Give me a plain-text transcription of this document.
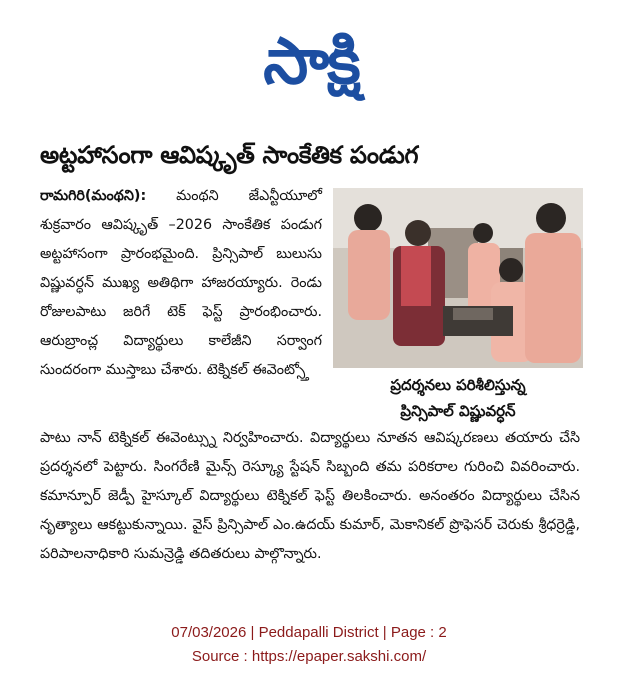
సాక్షి
అట్టహాసంగా ఆవిష్కృత్ సాంకేతిక పండుగ

రామగిరి(మంథని): మంథని జేఎన్టీయూలో శుక్రవారం ఆవిష్కృత్ –2026 సాంకేతిక పండుగ అట్టహాసంగా ప్రారంభమైంది. ప్రిన్సిపాల్ బులుసు విష్ణువర్ధన్ ముఖ్య అతిథిగా హాజరయ్యారు. రెండు రోజులపాటు జరిగే టెక్ ఫెస్ట్ ప్రారంభించారు. ఆరుబ్రాంచ్ల విద్యార్థులు కాలేజీని సర్వాంగ సుందరంగా ముస్తాబు చేశారు. టెక్నికల్ ఈవెంట్స్తో

ప్రదర్శనలు పరిశీలిస్తున్న
ప్రిన్సిపాల్ విష్ణువర్ధన్
పాటు నాన్ టెక్నికల్ ఈవెంట్స్ను నిర్వహించారు. విద్యార్థులు నూతన ఆవిష్కరణలు తయారు చేసి ప్రదర్శనలో పెట్టారు. సింగరేణి మైన్స్ రెస్క్యూ స్టేషన్ సిబ్బంది తమ పరికరాల గురించి వివరించారు. కమాన్పూర్ జెడ్పీ హైస్కూల్ విద్యార్థులు టెక్నికల్ ఫెస్ట్ తిలకించారు. అనంతరం విద్యార్థులు చేసిన నృత్యాలు ఆకట్టుకున్నాయి. వైస్ ప్రిన్సిపాల్ ఎం.ఉదయ్ కుమార్, మెకానికల్ ప్రొఫెసర్ చెరుకు శ్రీధర్రెడ్డి, పరిపాలనాధికారి సుమన్రెడ్డి తదితరులు పాల్గొన్నారు.
07/03/2026 | Peddapalli District | Page : 2
Source : https://epaper.sakshi.com/
